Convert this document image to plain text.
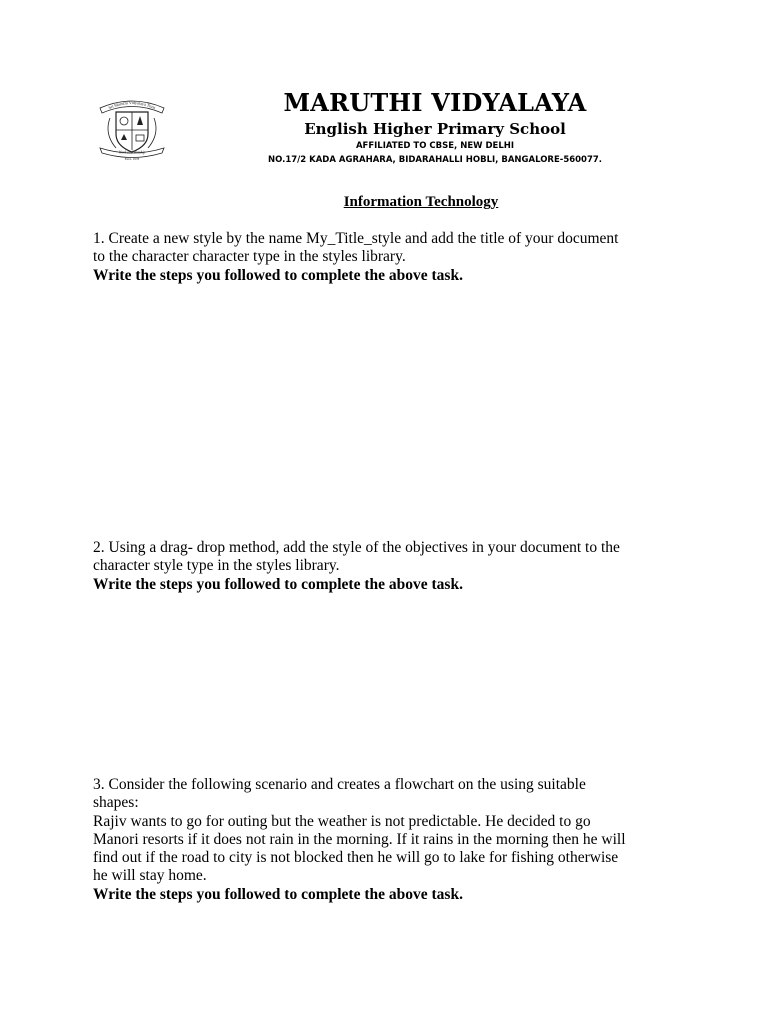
Sri Maruthi Vidyalaya Trust
Work and Worship
Estd. 1978
MARUTHI VIDYALAYA
English Higher Primary School
AFFILIATED TO CBSE, NEW DELHI
NO.17/2 KADA AGRAHARA, BIDARAHALLI HOBLI, BANGALORE-560077.
Information Technology
1. Create a new style by the name My_Title_style and add the title of your document
to the character character type in the styles library.
Write the steps you followed to complete the above task.
2. Using a drag- drop method, add the style of the objectives in your document to the
character style type in the styles library.
Write the steps you followed to complete the above task.
3. Consider the following scenario and creates a flowchart on the using suitable
shapes:
Rajiv wants to go for outing but the weather is not predictable. He decided to go
Manori resorts if it does not rain in the morning. If it rains in the morning then he will
find out if the road to city is not blocked then he will go to lake for fishing otherwise
he will stay home.
Write the steps you followed to complete the above task.
